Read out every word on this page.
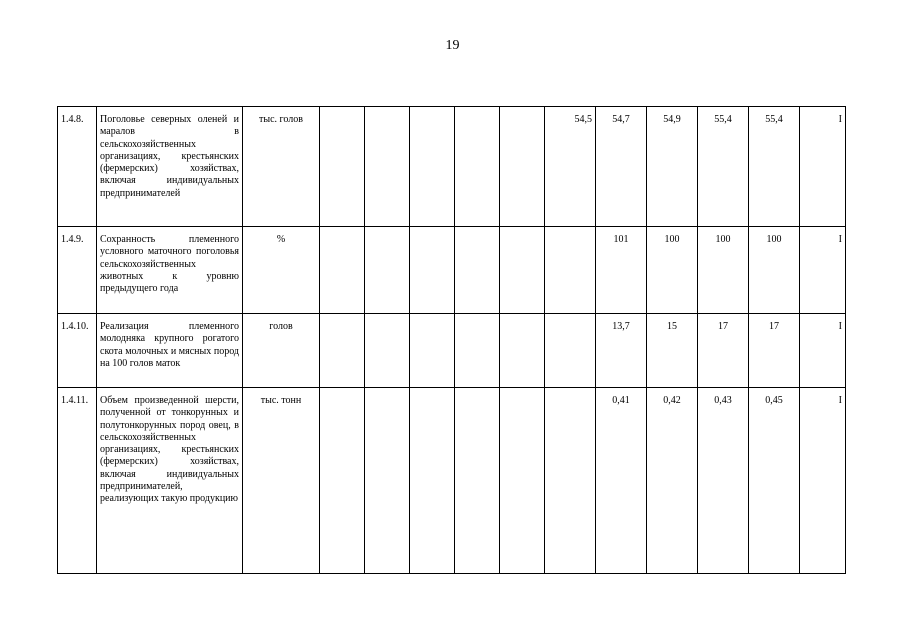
19
1.4.8.	Поголовье северных оленей и маралов в сельскохозяйственных организациях, крестьянских (фермерских) хозяйствах, включая индивидуальных предпринимателей	тыс. голов						54,5	54,7	54,9	55,4	55,4	I
1.4.9.	Сохранность племенного условного маточного поголовья сельскохозяйственных животных к уровню предыдущего года	%							101	100	100	100	I
1.4.10.	Реализация племенного молодняка крупного рогатого скота молочных и мясных пород на 100 голов маток	голов							13,7	15	17	17	I
1.4.11.	Объем произведенной шерсти, полученной от тонкорунных и полутонкорунных пород овец, в сельскохозяйственных организациях, крестьянских (фермерских) хозяйствах, включая индивидуальных предпринимателей, реализующих такую продукцию	тыс. тонн							0,41	0,42	0,43	0,45	I
